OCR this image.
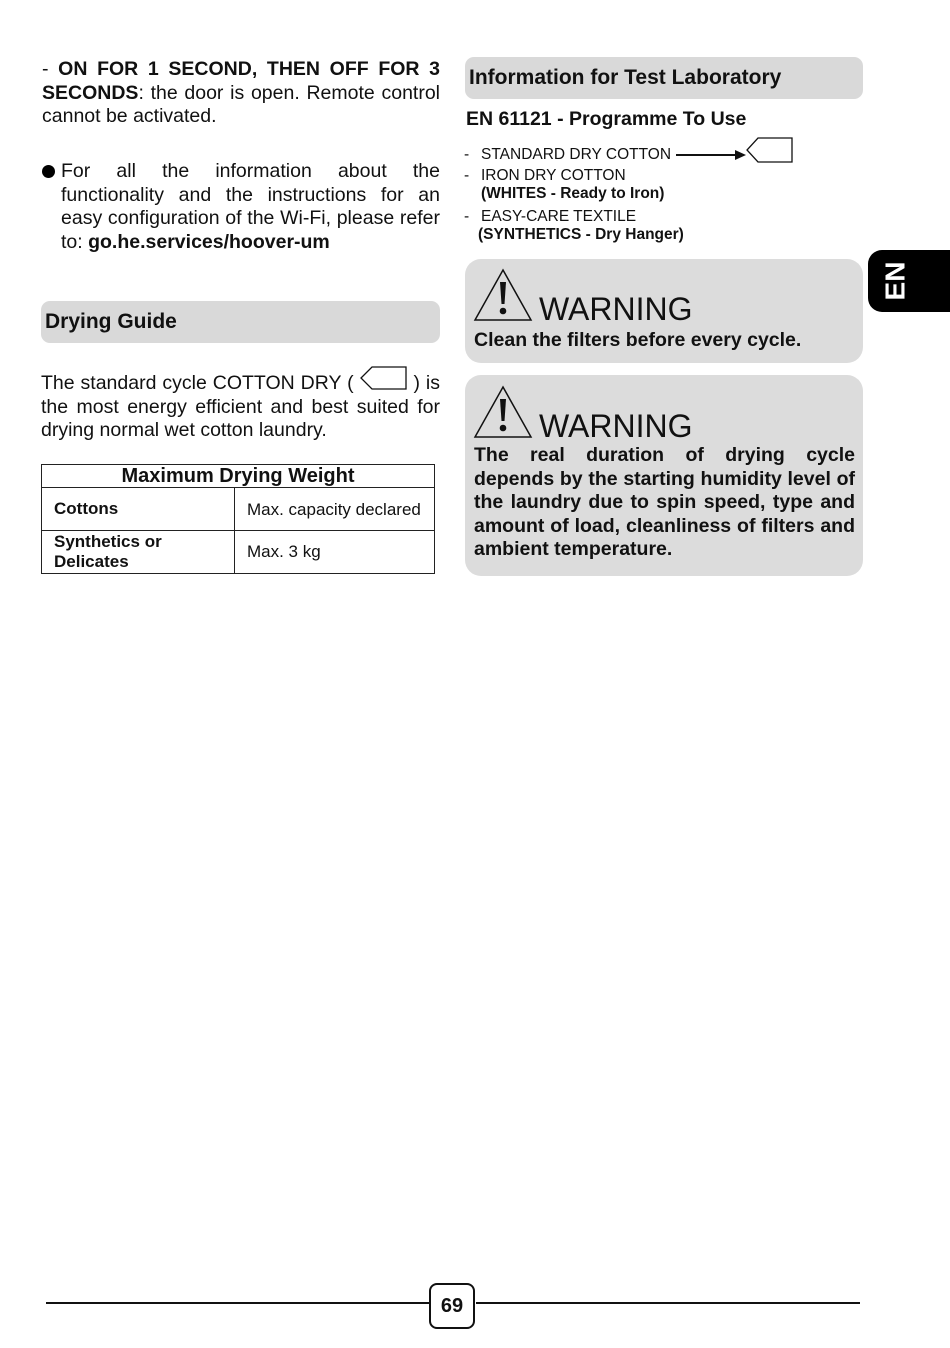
- ON FOR 1 SECOND, THEN OFF FOR 3 SECONDS: the door is open. Remote control cannot be activated.
For all the information about the functionality and the instructions for an easy configuration of the Wi-Fi, please refer to: go.he.services/hoover-um
Drying Guide
The standard cycle COTTON DRY (  ) is the most energy efficient and best suited for drying normal wet cotton laundry.
Maximum Drying Weight	
Cottons	Max. capacity declared
Synthetics or Delicates	Max. 3 kg
Information for Test Laboratory
EN 61121 - Programme To Use
- STANDARD DRY COTTON
- IRON DRY COTTON
(WHITES - Ready to Iron)
- EASY-CARE TEXTILE
(SYNTHETICS - Dry Hanger)
WARNING
Clean the filters before every cycle.
WARNING
The real duration of drying cycle depends by the starting humidity level of the laundry due to spin speed, type and amount of load, cleanliness of filters and ambient temperature.
EN
69
